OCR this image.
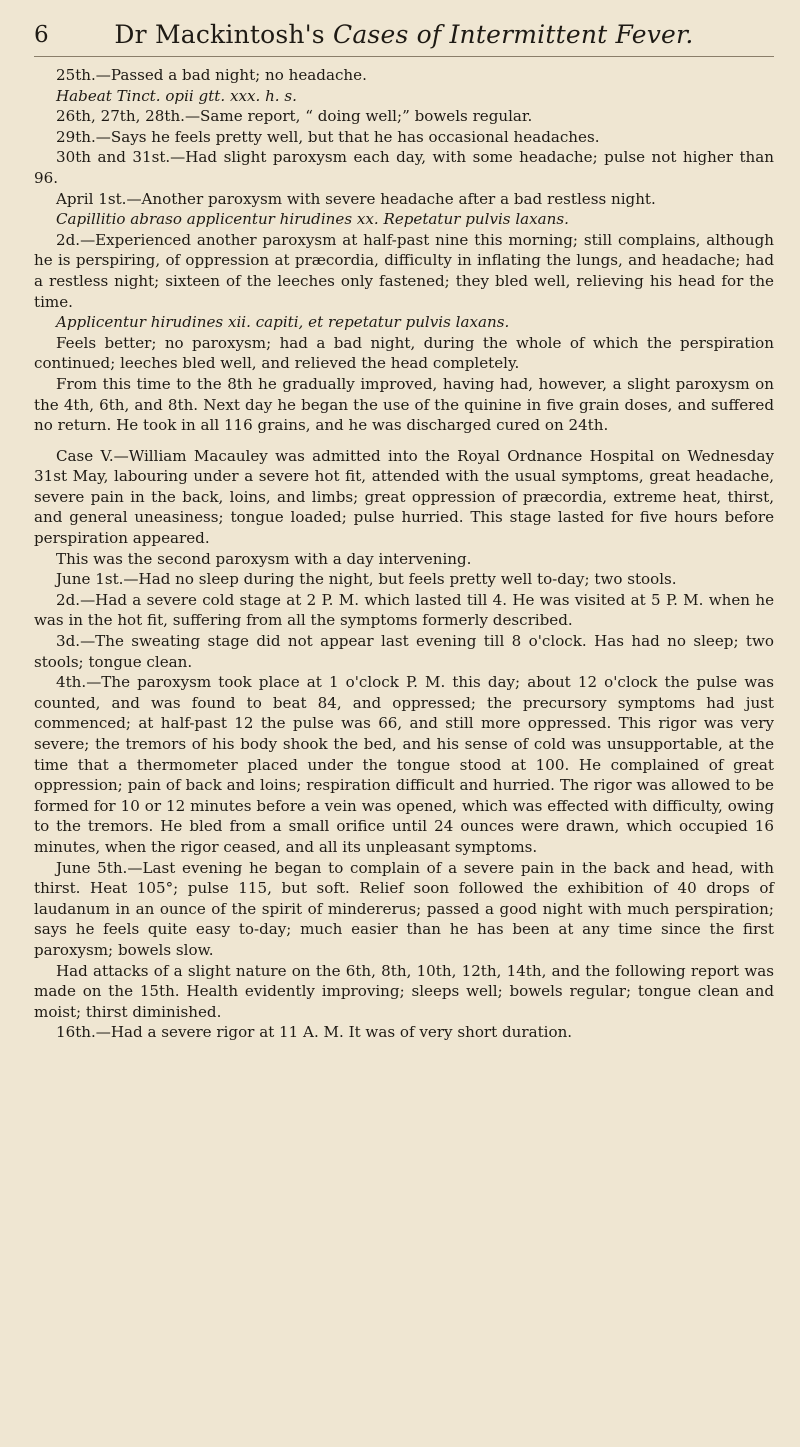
6	Dr Mackintosh's Cases of Intermittent Fever.

25th.—Passed a bad night; no headache.

Habeat Tinct. opii gtt. xxx. h. s.

26th, 27th, 28th.—Same report, “ doing well;” bowels regular.

29th.—Says he feels pretty well, but that he has occasional headaches.

30th and 31st.—Had slight paroxysm each day, with some headache; pulse not higher than 96.

April 1st.—Another paroxysm with severe headache after a bad restless night.

Capillitio abraso applicentur hirudines xx. Repetatur pulvis laxans.

2d.—Experienced another paroxysm at half-past nine this morning; still complains, although he is perspiring, of oppression at præcordia, difficulty in inflating the lungs, and headache; had a restless night; sixteen of the leeches only fastened; they bled well, relieving his head for the time.

Applicentur hirudines xii. capiti, et repetatur pulvis laxans.

Feels better; no paroxysm; had a bad night, during the whole of which the perspiration continued; leeches bled well, and relieved the head completely.

From this time to the 8th he gradually improved, having had, however, a slight paroxysm on the 4th, 6th, and 8th. Next day he began the use of the quinine in five grain doses, and suffered no return. He took in all 116 grains, and he was discharged cured on 24th.

Case V.—William Macauley was admitted into the Royal Ordnance Hospital on Wednesday 31st May, labouring under a severe hot fit, attended with the usual symptoms, great headache, severe pain in the back, loins, and limbs; great oppression of præcordia, extreme heat, thirst, and general uneasiness; tongue loaded; pulse hurried. This stage lasted for five hours before perspiration appeared.

This was the second paroxysm with a day intervening.

June 1st.—Had no sleep during the night, but feels pretty well to-day; two stools.

2d.—Had a severe cold stage at 2 P. M. which lasted till 4. He was visited at 5 P. M. when he was in the hot fit, suffering from all the symptoms formerly described.

3d.—The sweating stage did not appear last evening till 8 o'clock. Has had no sleep; two stools; tongue clean.

4th.—The paroxysm took place at 1 o'clock P. M. this day; about 12 o'clock the pulse was counted, and was found to beat 84, and oppressed; the precursory symptoms had just commenced; at half-past 12 the pulse was 66, and still more oppressed. This rigor was very severe; the tremors of his body shook the bed, and his sense of cold was unsupportable, at the time that a thermometer placed under the tongue stood at 100. He complained of great oppression; pain of back and loins; respiration difficult and hurried. The rigor was allowed to be formed for 10 or 12 minutes before a vein was opened, which was effected with difficulty, owing to the tremors. He bled from a small orifice until 24 ounces were drawn, which occupied 16 minutes, when the rigor ceased, and all its unpleasant symptoms.

June 5th.—Last evening he began to complain of a severe pain in the back and head, with thirst. Heat 105°; pulse 115, but soft. Relief soon followed the exhibition of 40 drops of laudanum in an ounce of the spirit of mindererus; passed a good night with much perspiration; says he feels quite easy to-day; much easier than he has been at any time since the first paroxysm; bowels slow.

Had attacks of a slight nature on the 6th, 8th, 10th, 12th, 14th, and the following report was made on the 15th. Health evidently improving; sleeps well; bowels regular; tongue clean and moist; thirst diminished.

16th.—Had a severe rigor at 11 A. M. It was of very short duration.
